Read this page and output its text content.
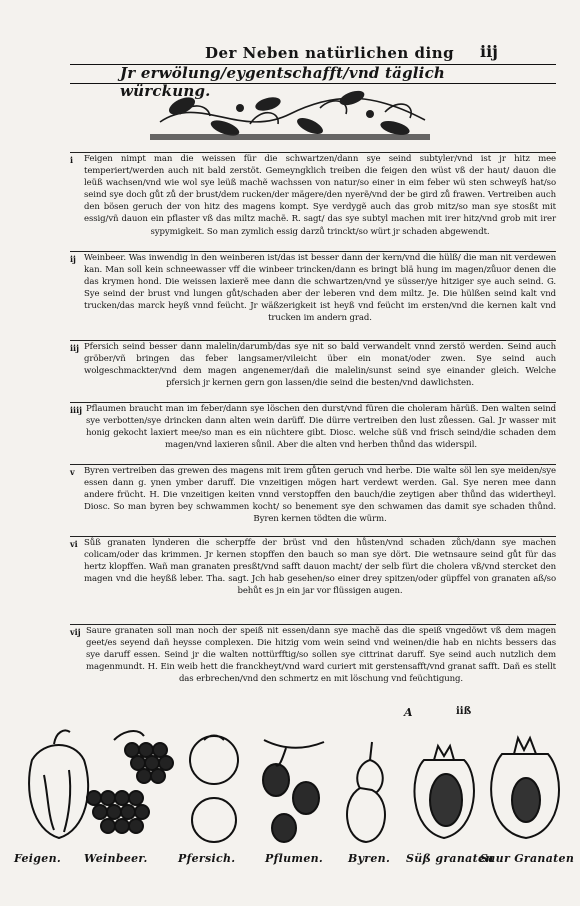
Der Neben natürlichen ding iij
Jr erwölung/eygentschafft/vnd täglich würckung.
i	Feigen nimpt man die weissen für die schwartzen/dann sye seind subtyler/vnd ist jr hitz mee temperiert/werden auch nit bald zerstöt. Gemeyngklich treiben die feigen den wüst vß der haut/ dauon die leüß wachsen/vnd wie wol sye leüß machẽ wachssen von natur/so einer in eim feber wü sten schweyß hat/so seind sye doch gůt zů der brust/dem rucken/der mägere/den nyerẽ/vnd der be gird zů frawen. Vertreiben auch den bösen geruch der von hitz des magens kompt. Sye verdygẽ auch das grob mitz/so man sye stosßt mit essig/vñ dauon ein pflaster vß das miltz machẽ. R. sagt/ das sye subtyl machen mit irer hitz/vnd grob mit irer sypymigkeit. So man zymlich essig darzů trinckt/so würt jr schaden abgewendt.
ij Weinbeer. Was inwendig in den weinberen ist/das ist besser dann der kern/vnd die hülß/ die man nit verdewen kan. Man soll kein schneewasser vff die winbeer trincken/dann es bringt blä hung im magen/zůuor denen die das krymen hond. Die weissen laxierẽ mee dann die schwartzen/vnd ye süsser/ye hitziger sye auch seind. G. Sye seind der brust vnd lungen gůt/schaden aber der leberen vnd dem miltz. Je. Die hülßen seind kalt vnd trucken/das marck heyß vnnd feücht. Jr wäßzerigkeit ist heyß vnd feücht im ersten/vnd die kernen kalt vnd trucken im andern grad.
iij Pfersich seind besser dann malelin/darumb/das sye nit so bald verwandelt vnnd zerstö werden. Seind auch gröber/vñ bringen das feber langsamer/vileicht über ein monat/oder zwen. Sye seind auch wolgeschmackter/vnd dem magen angenemer/dañ die malelin/sunst seind sye einander gleich. Welche pfersich jr kernen gern gon lassen/die seind die besten/vnd dawlichsten.
iiij Pflaumen braucht man im feber/dann sye löschen den durst/vnd füren die choleram härüß. Den walten seind sye verbotten/sye drincken dann alten wein darüff. Die dürre vertreiben den lust zůessen. Gal. Jr wasser mit honig gekocht laxiert mee/so man es ein nüchtere gibt. Diosc. welche süß vnd frisch seind/die schaden dem magen/vnd laxieren sůnil. Aber die alten vnd herben thůnd das widerspil.
v	Byren vertreiben das grewen des magens mit irem gůten geruch vnd herbe. Die walte söl len sye meiden/sye essen dann g. ynen ymber daruff. Die vnzeitigen mögen hart verdewt werden. Gal. Sye neren mee dann andere frücht. H. Die vnzeitigen keiten vnnd verstopffen den bauch/die zeytigen aber thůnd das widertheyl. Diosc. So man byren bey schwammen kocht/ so benement sye den schwamen das damit sye schaden thůnd. Byren kernen tödten die würm.
vi Sůß granaten lynderen die scherpffe der brüst vnd den hůsten/vnd schaden zůch/dann sye machen colicam/oder das krimmen. Jr kernen stopffen den bauch so man sye dört. Die wetnsaure seind gůt für das hertz klopffen. Wañ man granaten presßt/vnd safft dauon macht/ der selb fürt die cholera vß/vnd stercket den magen vnd die heyßß leber. Tha. sagt. Jch hab gesehen/so einer drey spitzen/oder güpffel von granaten aß/so behůt es jn ein jar vor flüssigen augen.
vij Saure granaten soll man noch der speiß nit essen/dann sye machẽ das die speiß vngedöwt vß dem magen geet/es seyend dañ heysse complexen. Die hitzig vom wein seind vnd weinen/die hab en nichts bessers das sye daruff essen. Seind jr die walten nottürfftig/so sollen sye cittrinat daruff. Sye seind auch nutzlich dem magenmundt. H. Ein weib hett die franckheyt/vnd ward curiert mit gerstensafft/vnd granat safft. Dañ es stellt das erbrechen/vnd den schmertz en mit löschung vnd feüchtigung.
A	iiß
Feigen. Weinbeer.	Pfersich.	Pflumen. Byren. Süß granaten
Saur Granaten
